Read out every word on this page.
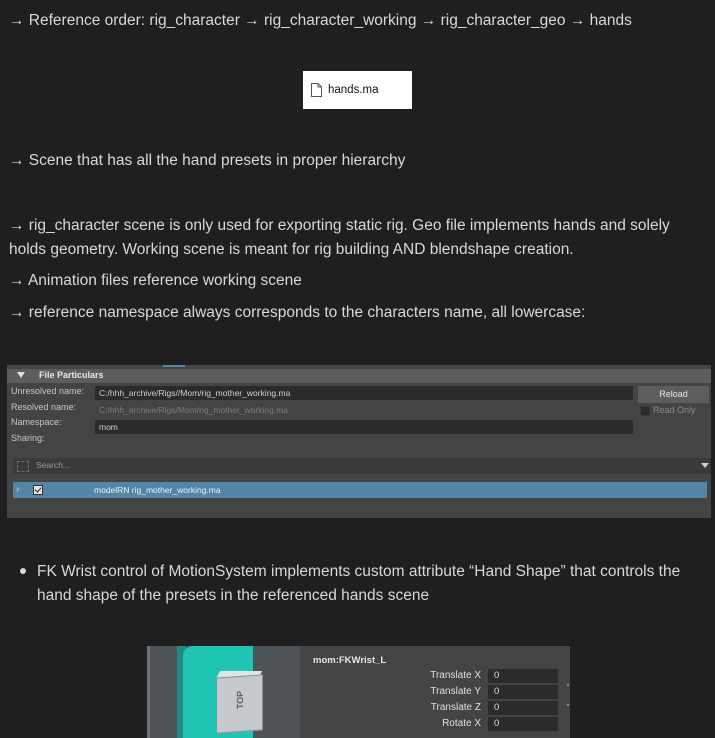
→ Reference order: rig_character → rig_character_working → rig_character_geo → hands
hands.ma
→ Scene that has all the hand presets in proper hierarchy
→ rig_character scene is only used for exporting static rig. Geo file implements hands and solely holds geometry. Working scene is meant for rig building AND blendshape creation.
→ Animation files reference working scene
→ reference namespace always corresponds to the characters name, all lowercase:
File Particulars
Unresolved name:	C:/hhh_archive/Rigs//Mom/rig_mother_working.ma
Resolved name:	C:/hhh_archive/Rigs/Mom/rig_mother_working.ma
Namespace:	mom
Sharing:
Reload
Read Only
Search...
›	modelRN rig_mother_working.ma
FK Wrist control of MotionSystem implements custom attribute “Hand Shape” that controls the hand shape of the presets in the referenced hands scene
TOP
mom:FKWrist_L
Translate X	0
Translate Y	0
Translate Z	0
Rotate X	0
